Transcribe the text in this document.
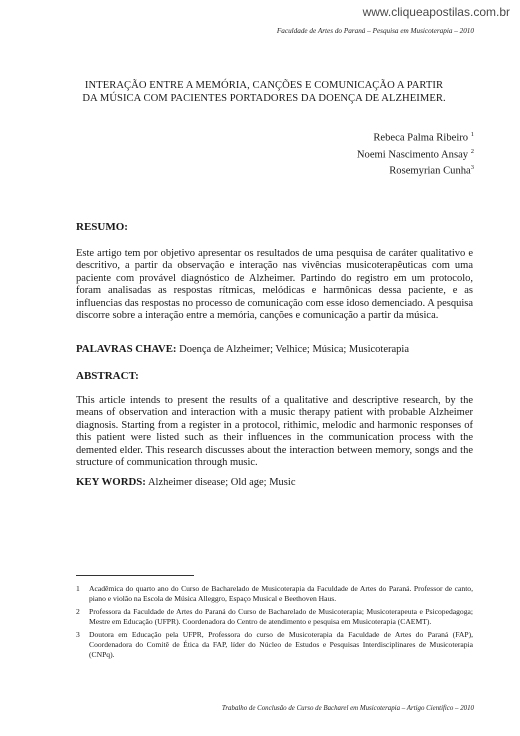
www.cliqueapostilas.com.br
Faculdade de Artes do Paraná – Pesquisa em Musicoterapia – 2010
INTERAÇÃO ENTRE A MEMÓRIA, CANÇÕES E COMUNICAÇÃO A PARTIR
DA MÚSICA COM PACIENTES PORTADORES DA DOENÇA DE ALZHEIMER.
Rebeca Palma Ribeiro $^1$
Noemi Nascimento Ansay $^2$
Rosemyrian Cunha$^3$
RESUMO:
Este artigo tem por objetivo apresentar os resultados de uma pesquisa de caráter qualitativo e descritivo, a partir da observação e interação nas vivências musicoterapêuticas com uma paciente com provável diagnóstico de Alzheimer. Partindo do registro em um protocolo, foram analisadas as respostas rítmicas, melódicas e harmônicas dessa paciente, e as influencias das respostas no processo de comunicação com esse idoso demenciado. A pesquisa discorre sobre a interação entre a memória, canções e comunicação a partir da música.
PALAVRAS CHAVE: Doença de Alzheimer; Velhice; Música; Musicoterapia
ABSTRACT:
This article intends to present the results of a qualitative and descriptive research, by the means of observation and interaction with a music therapy patient with probable Alzheimer diagnosis. Starting from a register in a protocol, rithimic, melodic and harmonic responses of this patient were listed such as their influences in the communication process with the demented elder. This research discusses about the interaction between memory, songs and the structure of communication through music.
KEY WORDS: Alzheimer disease; Old age; Music
1	Acadêmica do quarto ano do Curso de Bacharelado de Musicoterapia da Faculdade de Artes do Paraná. Professor de canto, piano e violão na Escola de Música Alleggro, Espaço Musical e Beethoven Haus.
2	Professora da Faculdade de Artes do Paraná do Curso de Bacharelado de Musicoterapia; Musicoterapeuta e Psicopedagoga; Mestre em Educação (UFPR). Coordenadora do Centro de atendimento e pesquisa em Musicoterapia (CAEMT).
3	Doutora em Educação pela UFPR, Professora do curso de Musicoterapia da Faculdade de Artes do Paraná (FAP), Coordenadora do Comitê de Ética da FAP, líder do Núcleo de Estudos e Pesquisas Interdisciplinares de Musicoterapia (CNPq).
Trabalho de Conclusão de Curso de Bacharel em Musicoterapia – Artigo Científico – 2010
